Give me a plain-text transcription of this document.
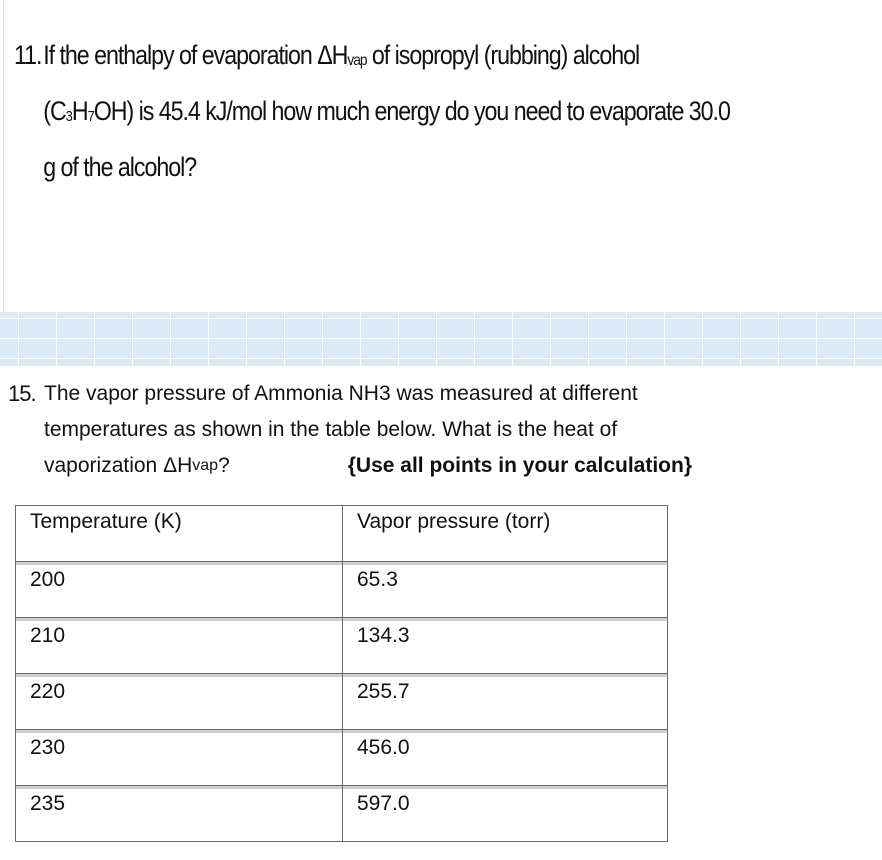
11.If the enthalpy of evaporation ΔHvap of isopropyl (rubbing) alcohol
$(C_3H_7OH)$ is 45.4 kJ/mol how much energy do you need to evaporate 30.0
g of the alcohol?
15. The vapor pressure of Ammonia NH3 was measured at different
temperatures as shown in the table below. What is the heat of
vaporization ΔH vap ?	{Use all points in your calculation}
Temperature (K)	Vapor pressure (torr)
200	65.3
210	134.3
220	255.7
230	456.0
235	597.0
